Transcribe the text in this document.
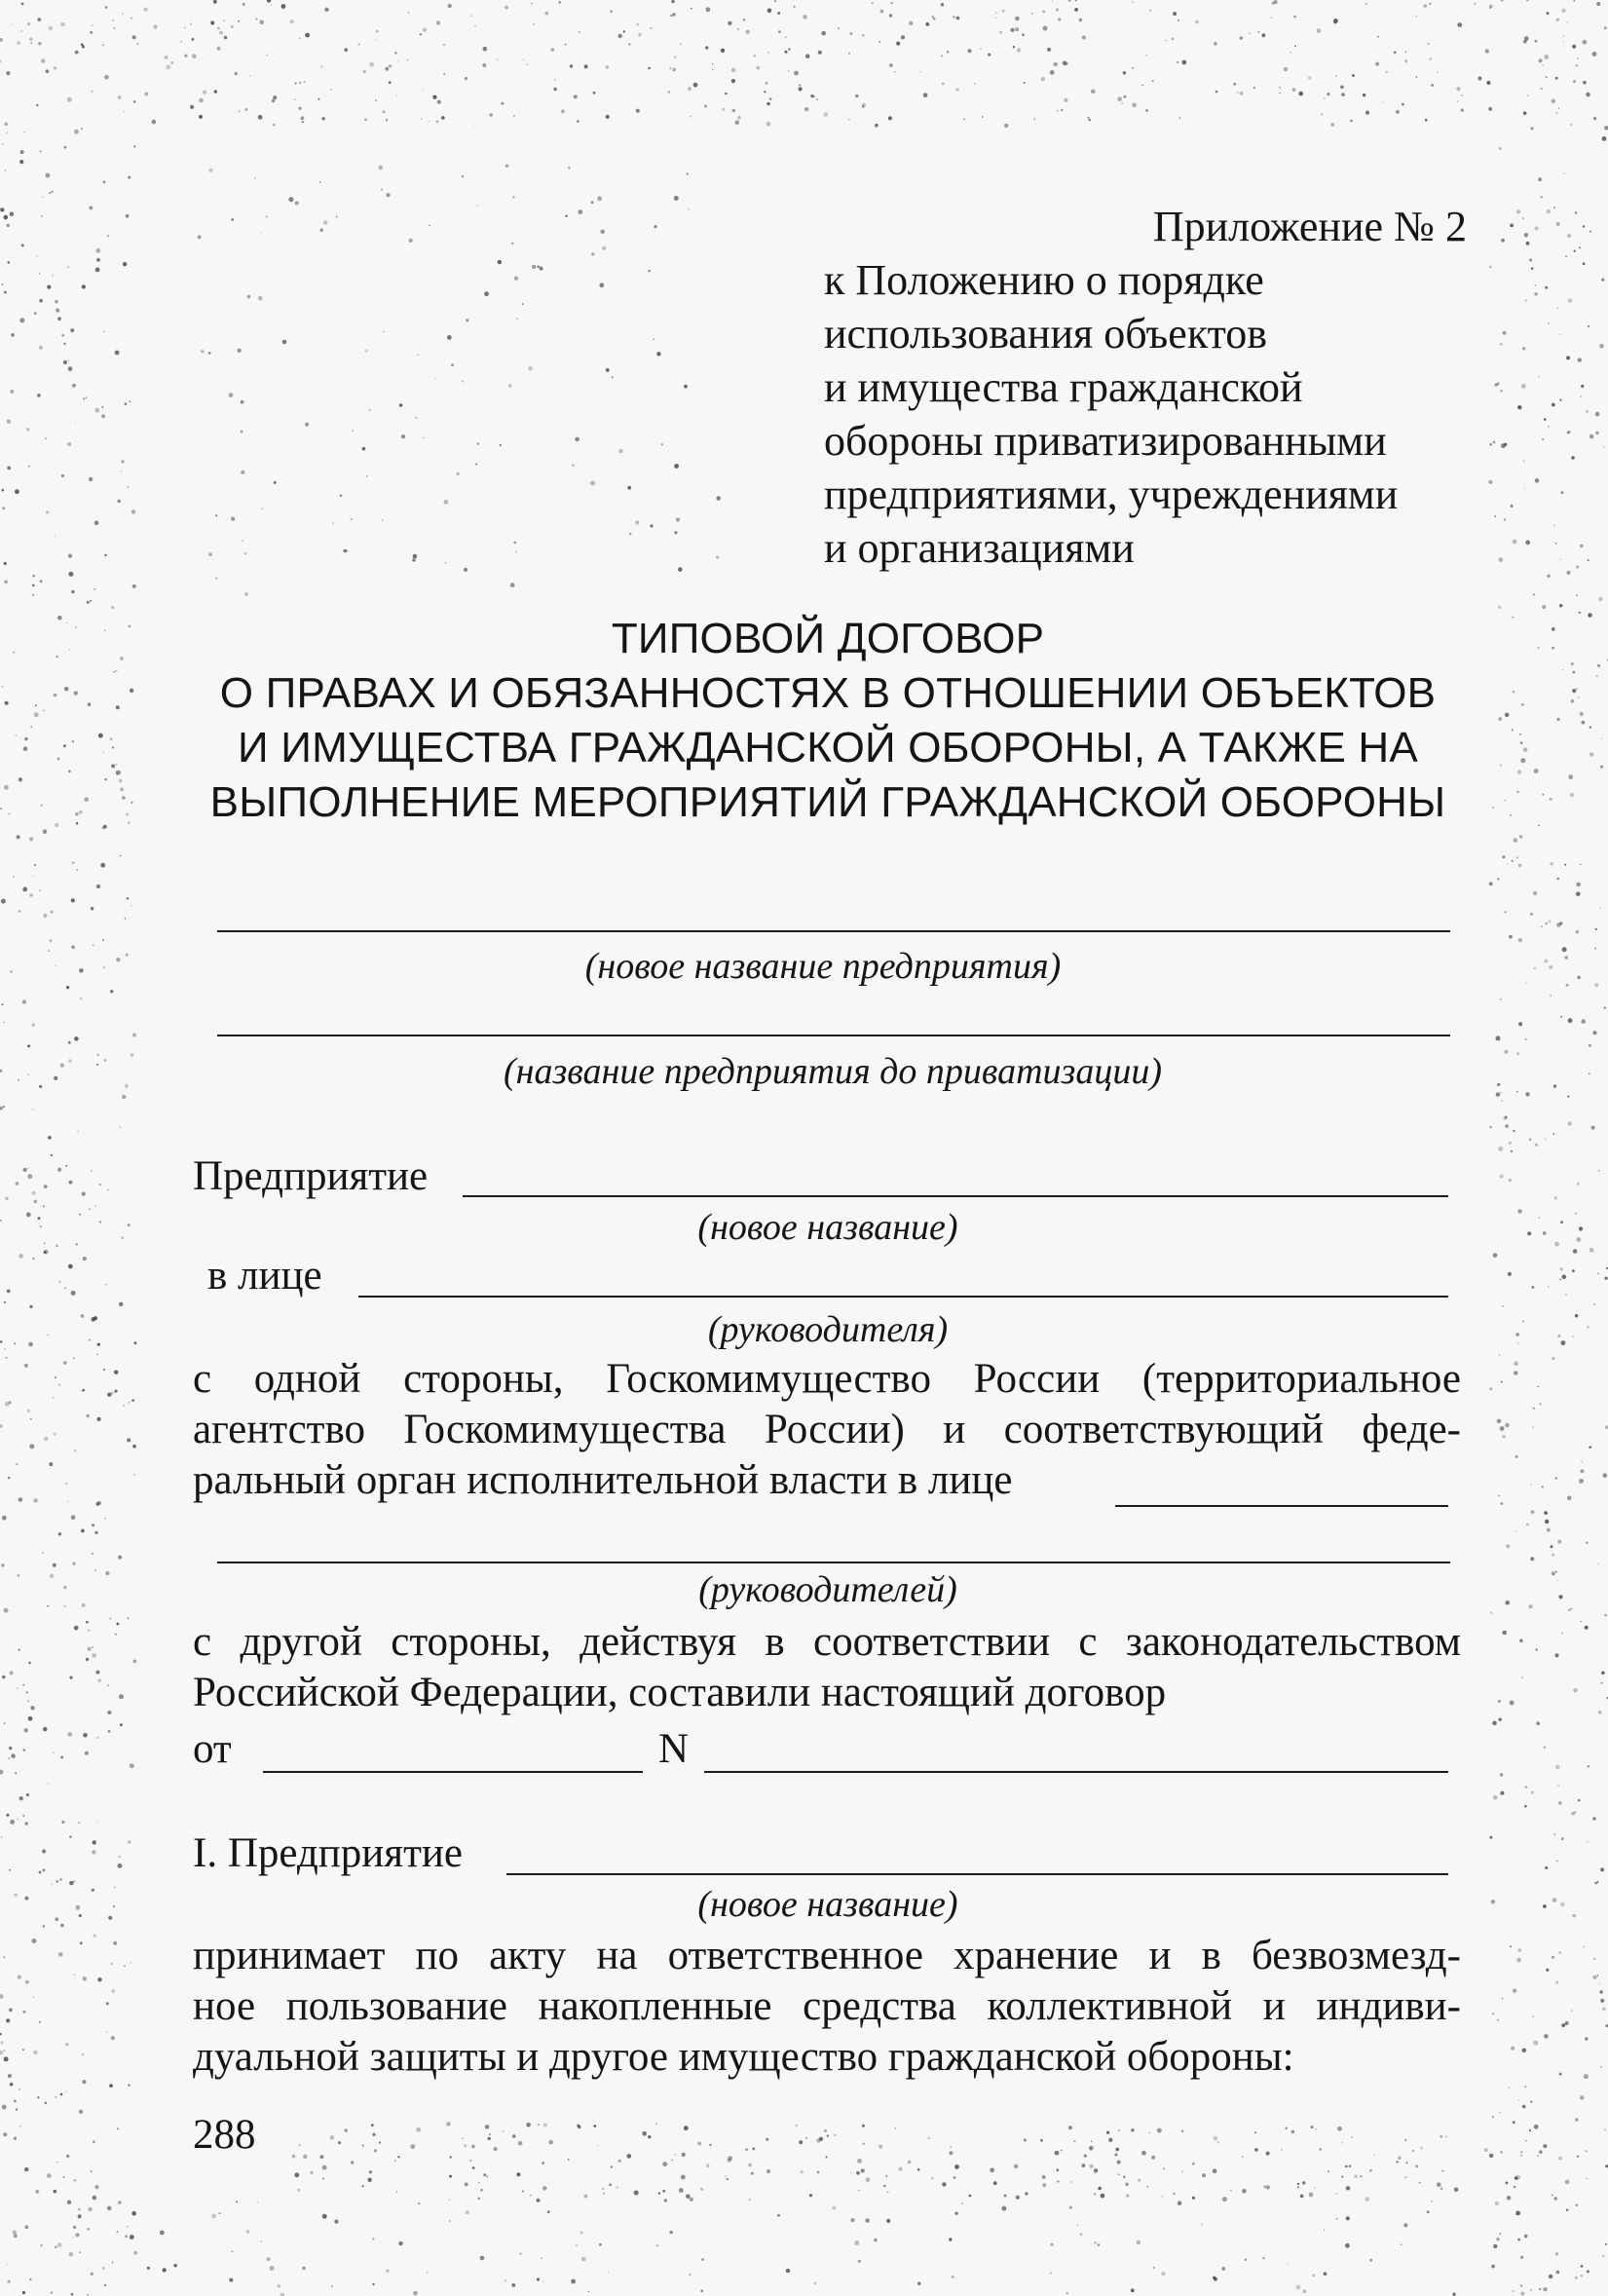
Приложение № 2
к Положению о порядке
использования объектов
и имущества гражданской
обороны приватизированными
предприятиями, учреждениями
и организациями
ТИПОВОЙ ДОГОВОР
О ПРАВАХ И ОБЯЗАННОСТЯХ В ОТНОШЕНИИ ОБЪЕКТОВ
И ИМУЩЕСТВА ГРАЖДАНСКОЙ ОБОРОНЫ, А ТАКЖЕ НА
ВЫПОЛНЕНИЕ МЕРОПРИЯТИЙ ГРАЖДАНСКОЙ ОБОРОНЫ
(новое название предприятия)
(название предприятия до приватизации)
Предприятие
(новое название)
в лице
(руководителя)
с одной стороны, Госкомимущество России (территориальное
агентство Госкомимущества России) и соответствующий феде-
ральный орган исполнительной власти в лице
(руководителей)
с другой стороны, действуя в соответствии с законодательством
Российской Федерации, составили настоящий договор
от	N
I. Предприятие
(новое название)
принимает по акту на ответственное хранение и в безвозмезд-
ное пользование накопленные средства коллективной и индиви-
дуальной защиты и другое имущество гражданской обороны:
288
